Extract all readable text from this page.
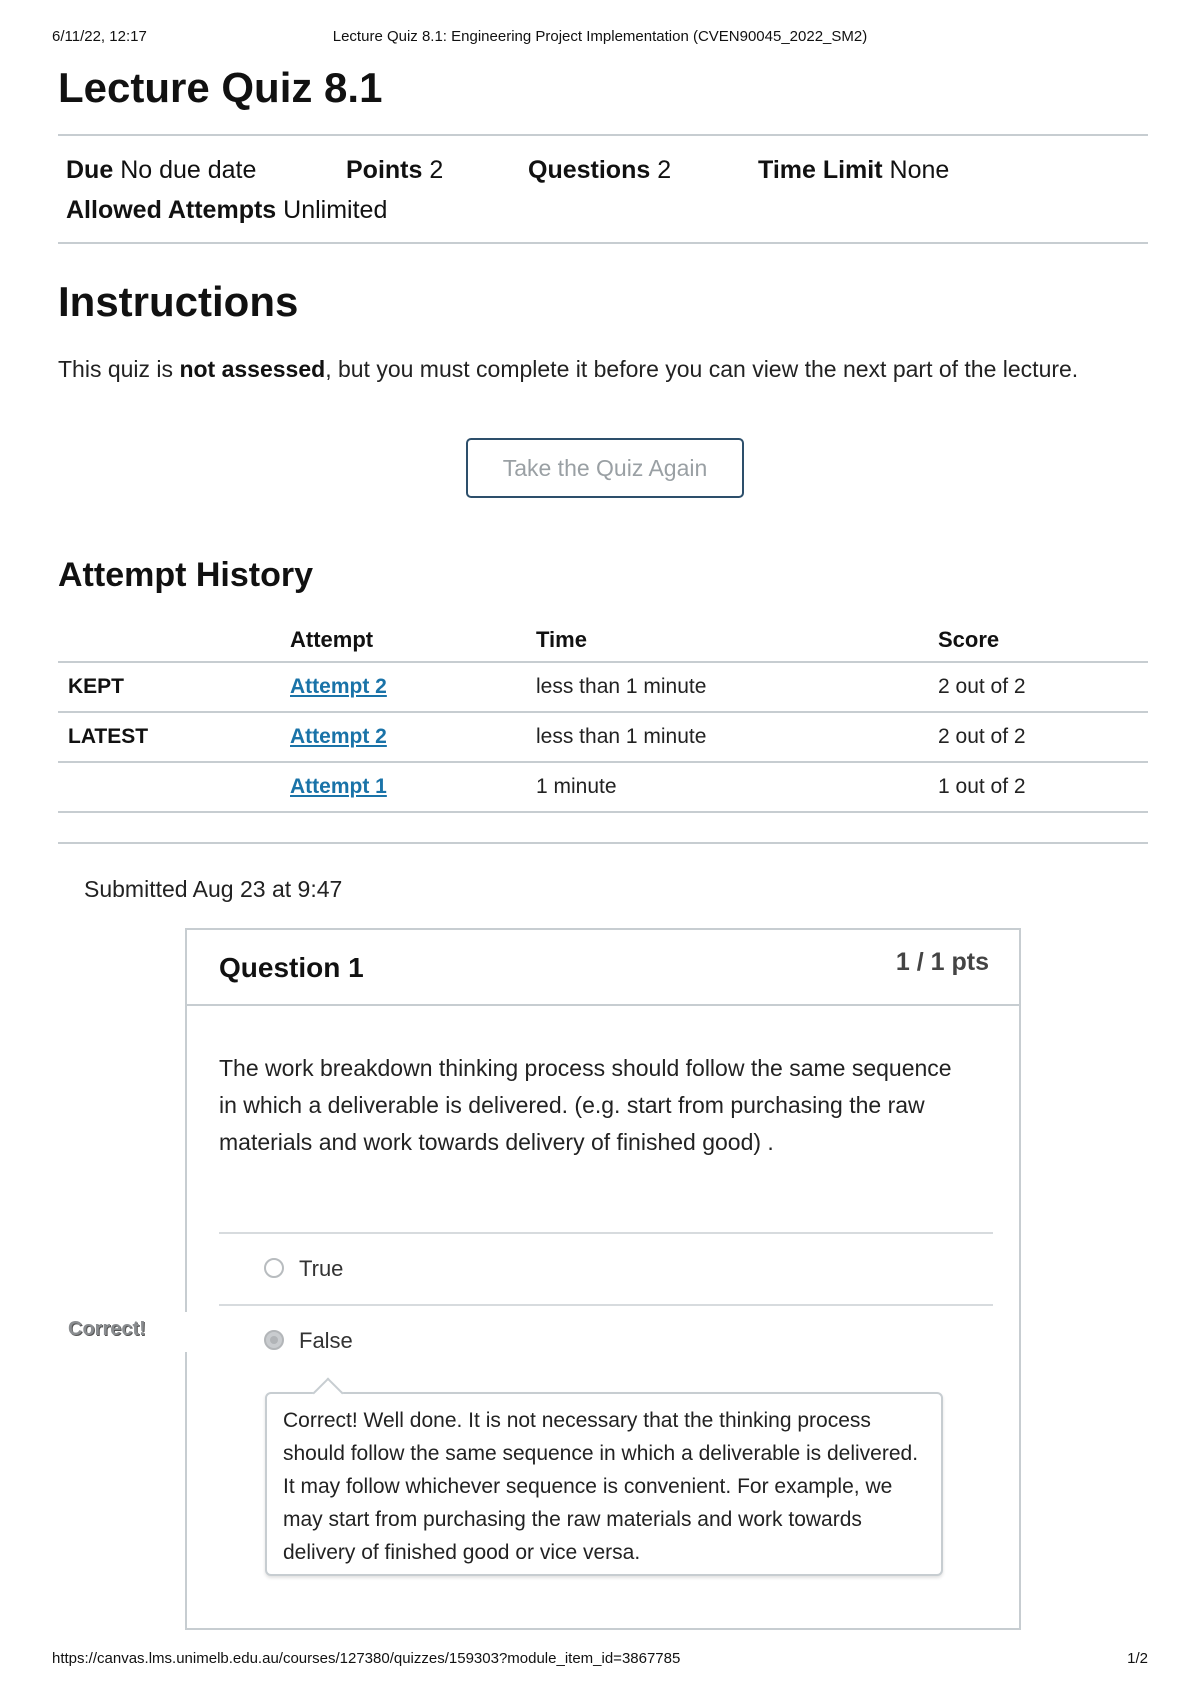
6/11/22, 12:17	Lecture Quiz 8.1: Engineering Project Implementation (CVEN90045_2022_SM2)
Lecture Quiz 8.1
Due No due date	Points 2	Questions 2	Time Limit None
Allowed Attempts Unlimited
Instructions

This quiz is not assessed, but you must complete it before you can view the next part of the lecture.

Take the Quiz Again
Attempt History
	Attempt	Time	Score
KEPT	Attempt 2	less than 1 minute	2 out of 2
LATEST	Attempt 2	less than 1 minute	2 out of 2
	Attempt 1	1 minute	1 out of 2
Submitted Aug 23 at 9:47
Correct!
Question 1	1 / 1 pts
The work breakdown thinking process should follow the same sequence in which a deliverable is delivered. (e.g. start from purchasing the raw materials and work towards delivery of finished good) .
True
False
Correct! Well done. It is not necessary that the thinking process should follow the same sequence in which a deliverable is delivered. It may follow whichever sequence is convenient. For example, we may start from purchasing the raw materials and work towards delivery of finished good or vice versa.
https://canvas.lms.unimelb.edu.au/courses/127380/quizzes/159303?module_item_id=3867785	1/2
